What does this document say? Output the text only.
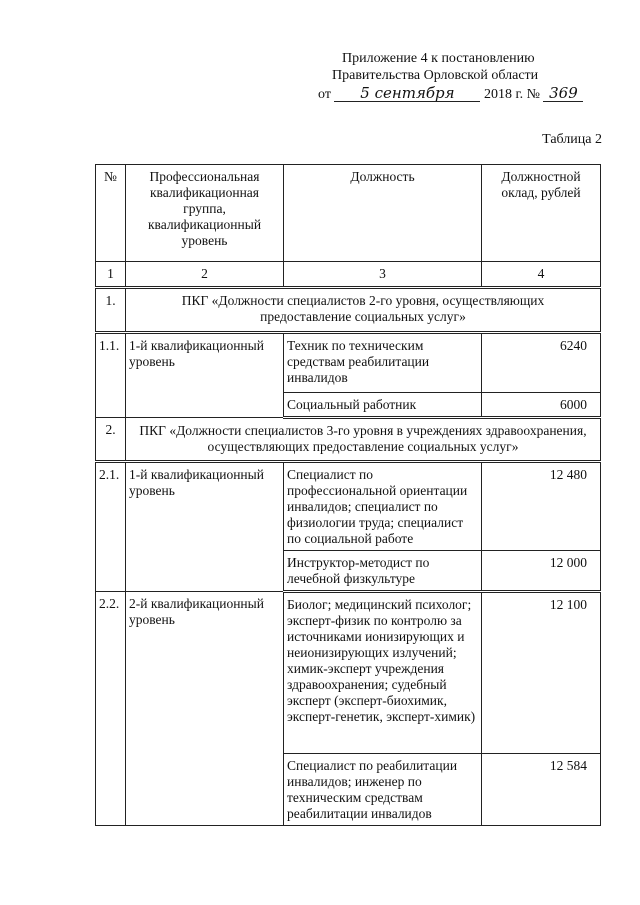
Приложение 4 к постановлению
Правительства Орловской области
от 5 сентября 2018 г. № 369
Таблица 2
№	Профессиональная квалификационная группа, квалификационный уровень	Должность	Должностной оклад, рублей

1	2	3	4

1.	ПКГ «Должности специалистов 2-го уровня, осуществляющих предоставление социальных услуг»		

1.1.	1-й квалификационный уровень	Техник по техническим средствам реабилитации инвалидов	6240

		Социальный работник	6000

2.	ПКГ «Должности специалистов 3-го уровня в учреждениях здравоохранения, осуществляющих предоставление социальных услуг»		

2.1.	1-й квалификационный уровень	Специалист по профессиональной ориентации инвалидов; специалист по физиологии труда; специалист по социальной работе	12 480

		Инструктор-методист по лечебной физкультуре	12 000

2.2.	2-й квалификационный уровень	Биолог; медицинский психолог; эксперт-физик по контролю за источниками ионизирующих и неионизирующих излучений; химик-эксперт учреждения здравоохранения; судебный эксперт (эксперт-биохимик, эксперт-генетик, эксперт-химик)	12 100

		Специалист по реабилитации инвалидов; инженер по техническим средствам реабилитации инвалидов	12 584
